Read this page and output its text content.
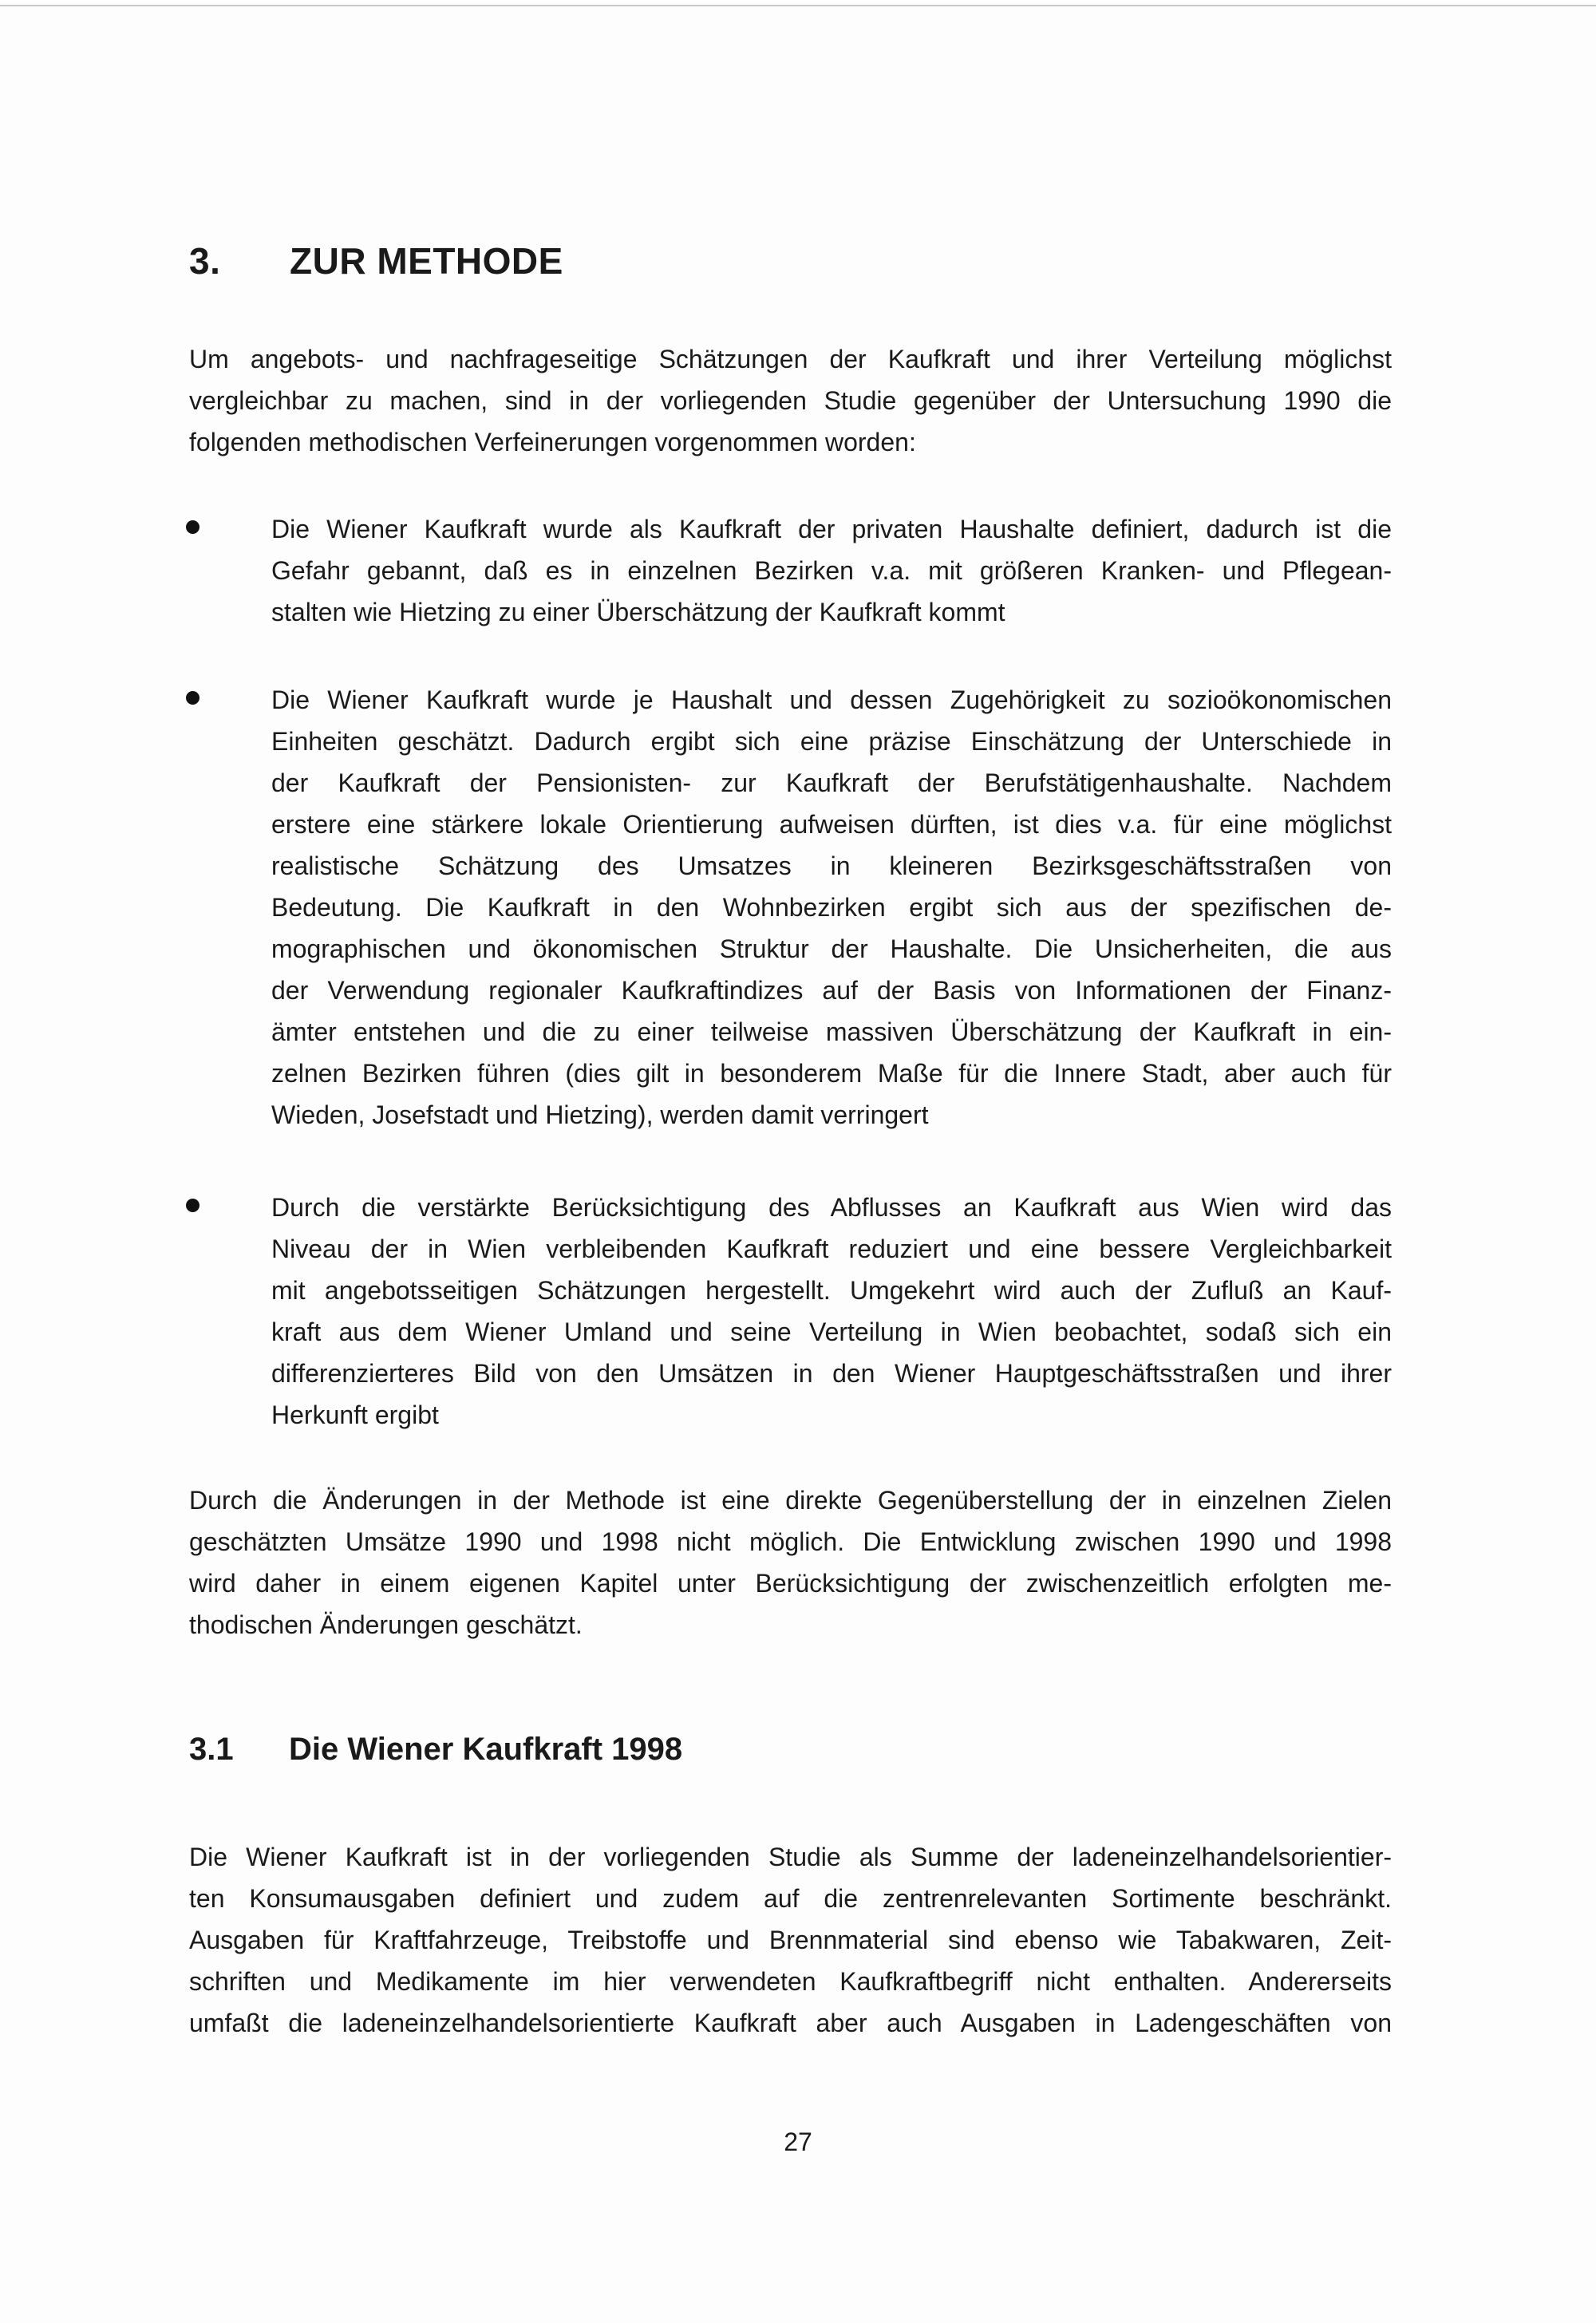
3. ZUR METHODE
Um angebots- und nachfrageseitige Schätzungen der Kaufkraft und ihrer Verteilung möglichst
vergleichbar zu machen, sind in der vorliegenden Studie gegenüber der Untersuchung 1990 die
folgenden methodischen Verfeinerungen vorgenommen worden:
Die Wiener Kaufkraft wurde als Kaufkraft der privaten Haushalte definiert, dadurch ist die
Gefahr gebannt, daß es in einzelnen Bezirken v.a. mit größeren Kranken- und Pflegean-
stalten wie Hietzing zu einer Überschätzung der Kaufkraft kommt
Die Wiener Kaufkraft wurde je Haushalt und dessen Zugehörigkeit zu sozioökonomischen
Einheiten geschätzt. Dadurch ergibt sich eine präzise Einschätzung der Unterschiede in
der Kaufkraft der Pensionisten- zur Kaufkraft der Berufstätigenhaushalte. Nachdem
erstere eine stärkere lokale Orientierung aufweisen dürften, ist dies v.a. für eine möglichst
realistische Schätzung des Umsatzes in kleineren Bezirksgeschäftsstraßen von
Bedeutung. Die Kaufkraft in den Wohnbezirken ergibt sich aus der spezifischen de-
mographischen und ökonomischen Struktur der Haushalte. Die Unsicherheiten, die aus
der Verwendung regionaler Kaufkraftindizes auf der Basis von Informationen der Finanz-
ämter entstehen und die zu einer teilweise massiven Überschätzung der Kaufkraft in ein-
zelnen Bezirken führen (dies gilt in besonderem Maße für die Innere Stadt, aber auch für
Wieden, Josefstadt und Hietzing), werden damit verringert
Durch die verstärkte Berücksichtigung des Abflusses an Kaufkraft aus Wien wird das
Niveau der in Wien verbleibenden Kaufkraft reduziert und eine bessere Vergleichbarkeit
mit angebotsseitigen Schätzungen hergestellt. Umgekehrt wird auch der Zufluß an Kauf-
kraft aus dem Wiener Umland und seine Verteilung in Wien beobachtet, sodaß sich ein
differenzierteres Bild von den Umsätzen in den Wiener Hauptgeschäftsstraßen und ihrer
Herkunft ergibt
Durch die Änderungen in der Methode ist eine direkte Gegenüberstellung der in einzelnen Zielen
geschätzten Umsätze 1990 und 1998 nicht möglich. Die Entwicklung zwischen 1990 und 1998
wird daher in einem eigenen Kapitel unter Berücksichtigung der zwischenzeitlich erfolgten me-
thodischen Änderungen geschätzt.
3.1 Die Wiener Kaufkraft 1998
Die Wiener Kaufkraft ist in der vorliegenden Studie als Summe der ladeneinzelhandelsorientier-
ten Konsumausgaben definiert und zudem auf die zentrenrelevanten Sortimente beschränkt.
Ausgaben für Kraftfahrzeuge, Treibstoffe und Brennmaterial sind ebenso wie Tabakwaren, Zeit-
schriften und Medikamente im hier verwendeten Kaufkraftbegriff nicht enthalten. Andererseits
umfaßt die ladeneinzelhandelsorientierte Kaufkraft aber auch Ausgaben in Ladengeschäften von
27
